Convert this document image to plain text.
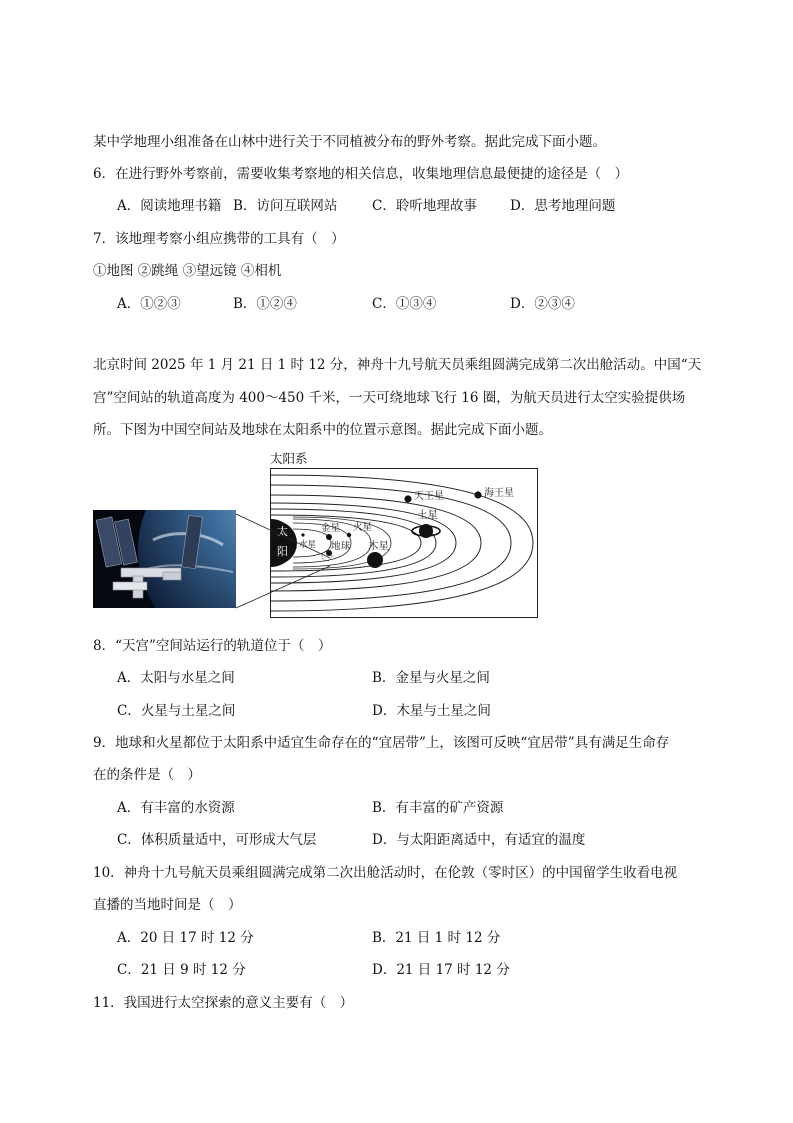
某中学地理小组准备在山林中进行关于不同植被分布的野外考察。据此完成下面小题。
6．在进行野外考察前，需要收集考察地的相关信息，收集地理信息最便捷的途径是（　）
A．阅读地理书籍 B．访问互联网站	C．聆听地理故事 D．思考地理问题
7．该地理考察小组应携带的工具有（　）
①地图 ②跳绳 ③望远镜 ④相机
A．①②③	B．①②④	C．①③④	D．②③④
北京时间 2025 年 1 月 21 日 1 时 12 分，神舟十九号航天员乘组圆满完成第二次出舱活动。中国“天
宫”空间站的轨道高度为 400～450 千米，一天可绕地球飞行 16 圈，为航天员进行太空实验提供场
所。下图为中国空间站及地球在太阳系中的位置示意图。据此完成下面小题。
太阳系
太
阳 水星
金星
地球
火星
木星
土星
天王星	海王星
8．“天宫”空间站运行的轨道位于（　）
A．太阳与水星之间	B．金星与火星之间
C．火星与土星之间	D．木星与土星之间
9．地球和火星都位于太阳系中适宜生命存在的“宜居带”上，该图可反映“宜居带”具有满足生命存
在的条件是（　）
A．有丰富的水资源	B．有丰富的矿产资源
C．体积质量适中，可形成大气层	D．与太阳距离适中，有适宜的温度
10．神舟十九号航天员乘组圆满完成第二次出舱活动时，在伦敦（零时区）的中国留学生收看电视
直播的当地时间是（　）
A．20 日 17 时 12 分	B．21 日 1 时 12 分
C．21 日 9 时 12 分	D．21 日 17 时 12 分
11．我国进行太空探索的意义主要有（　）
